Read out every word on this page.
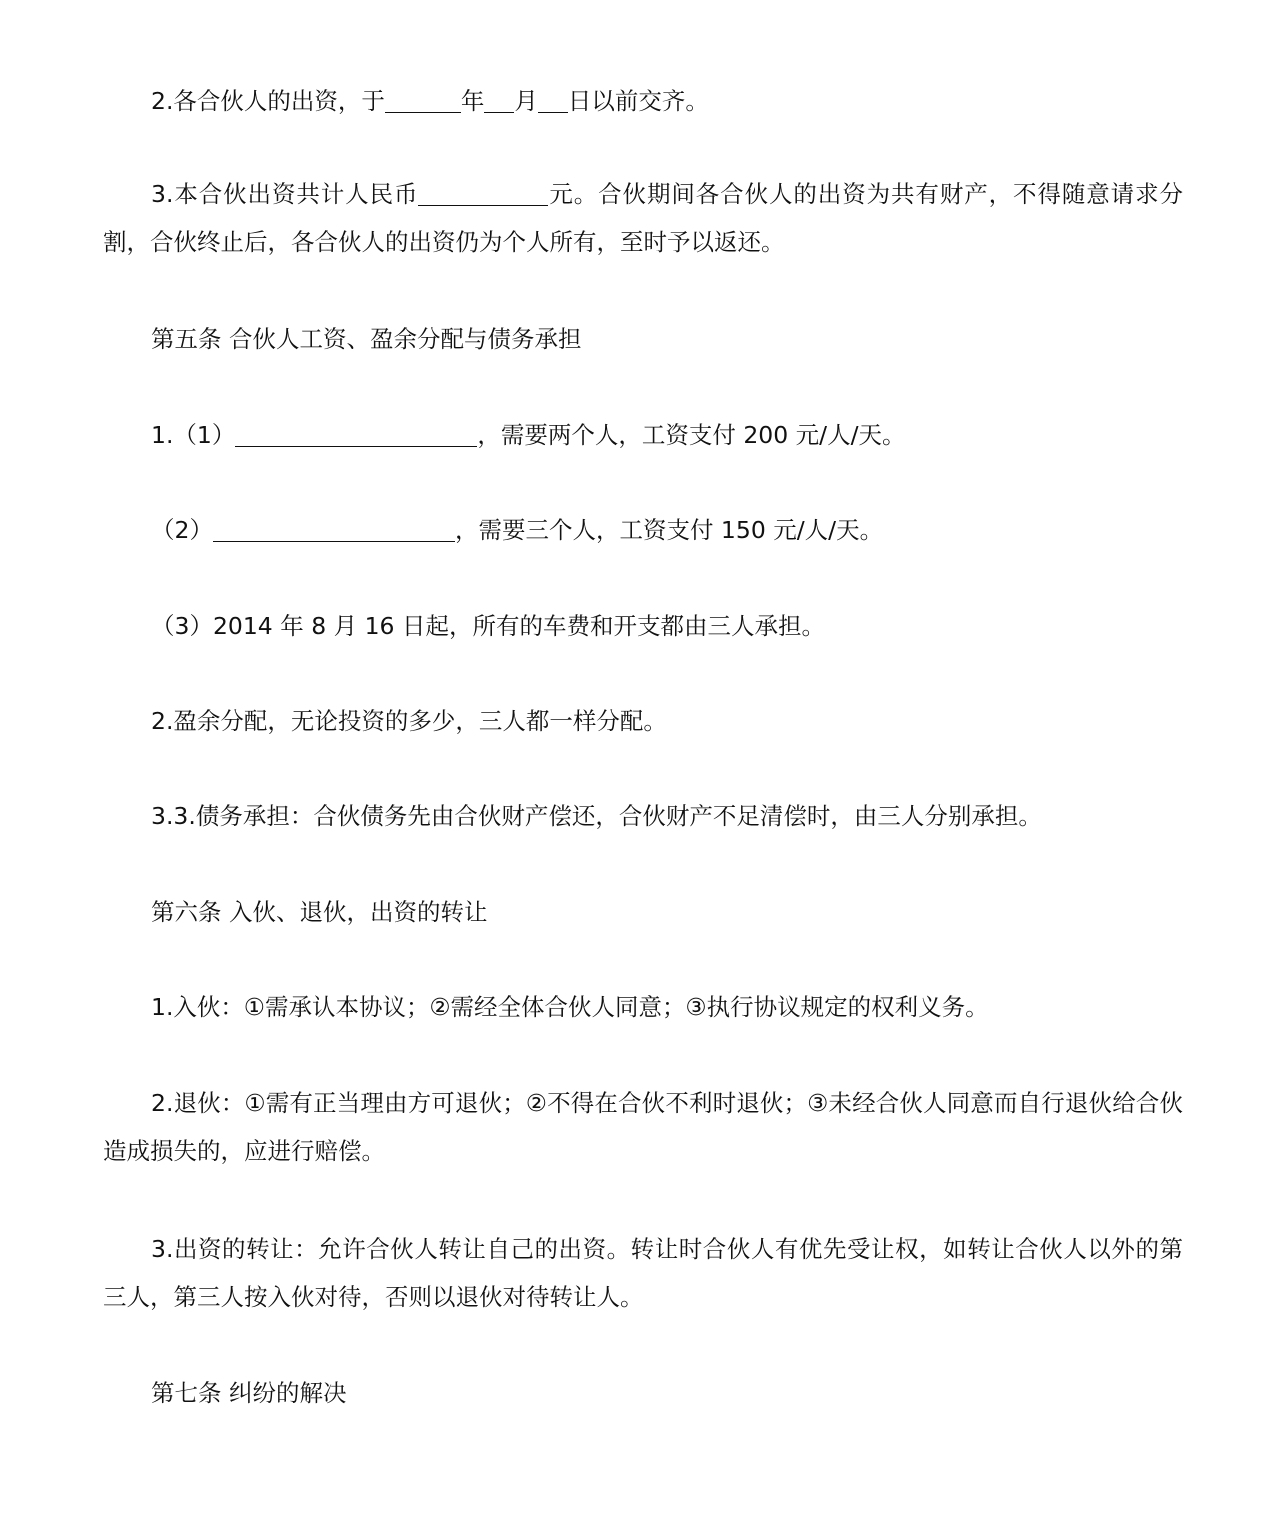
2.各合伙人的出资，于	年 月 日以前交齐。

3.本合伙出资共计人民币	元。合伙期间各合伙人的出资为共有财产，不得随意请求分割，合伙终止后，各合伙人的出资仍为个人所有，至时予以返还。

第五条 合伙人工资、盈余分配与债务承担

1.（1）	，需要两个人，工资支付 200 元/人/天。

（2）	，需要三个人，工资支付 150 元/人/天。

（3）2014 年 8 月 16 日起，所有的车费和开支都由三人承担。

2.盈余分配，无论投资的多少，三人都一样分配。

3.3.债务承担：合伙债务先由合伙财产偿还，合伙财产不足清偿时，由三人分别承担。

第六条 入伙、退伙，出资的转让

1.入伙：①需承认本协议；②需经全体合伙人同意；③执行协议规定的权利义务。

2.退伙：①需有正当理由方可退伙；②不得在合伙不利时退伙；③未经合伙人同意而自行退伙给合伙造成损失的，应进行赔偿。

3.出资的转让：允许合伙人转让自己的出资。转让时合伙人有优先受让权，如转让合伙人以外的第三人，第三人按入伙对待，否则以退伙对待转让人。

第七条 纠纷的解决
